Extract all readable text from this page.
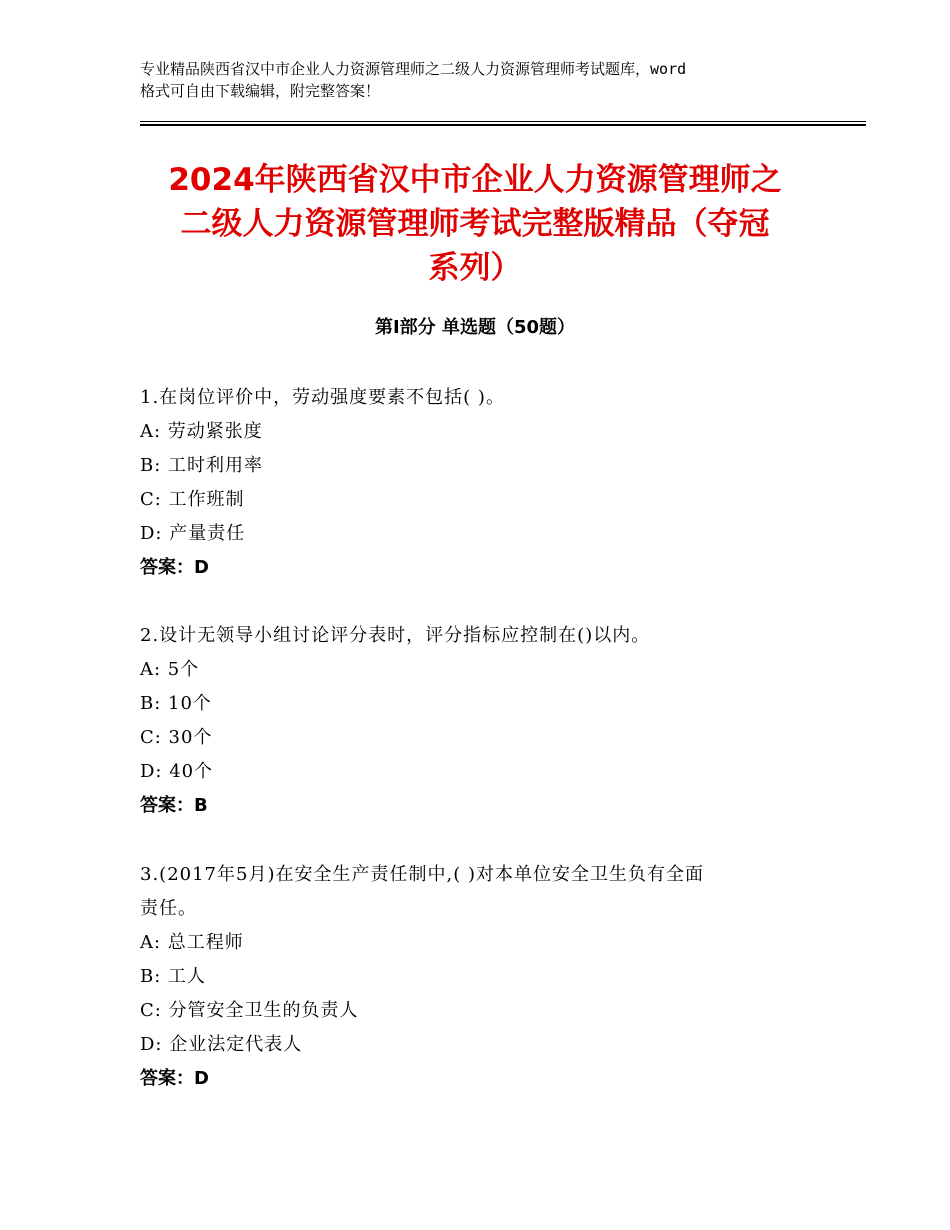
专业精品陕西省汉中市企业人力资源管理师之二级人力资源管理师考试题库，word
格式可自由下载编辑，附完整答案！
2024年陕西省汉中市企业人力资源管理师之
二级人力资源管理师考试完整版精品（夺冠
系列）
第Ⅰ部分 单选题（50题）

1.在岗位评价中，劳动强度要素不包括( )。

A: 劳动紧张度

B: 工时利用率

C: 工作班制

D: 产量责任

答案：D

2.设计无领导小组讨论评分表时，评分指标应控制在()以内。

A: 5个

B: 10个

C: 30个

D: 40个

答案：B

3.(2017年5月)在安全生产责任制中,( )对本单位安全卫生负有全面

责任。

A: 总工程师

B: 工人

C: 分管安全卫生的负责人

D: 企业法定代表人

答案：D
